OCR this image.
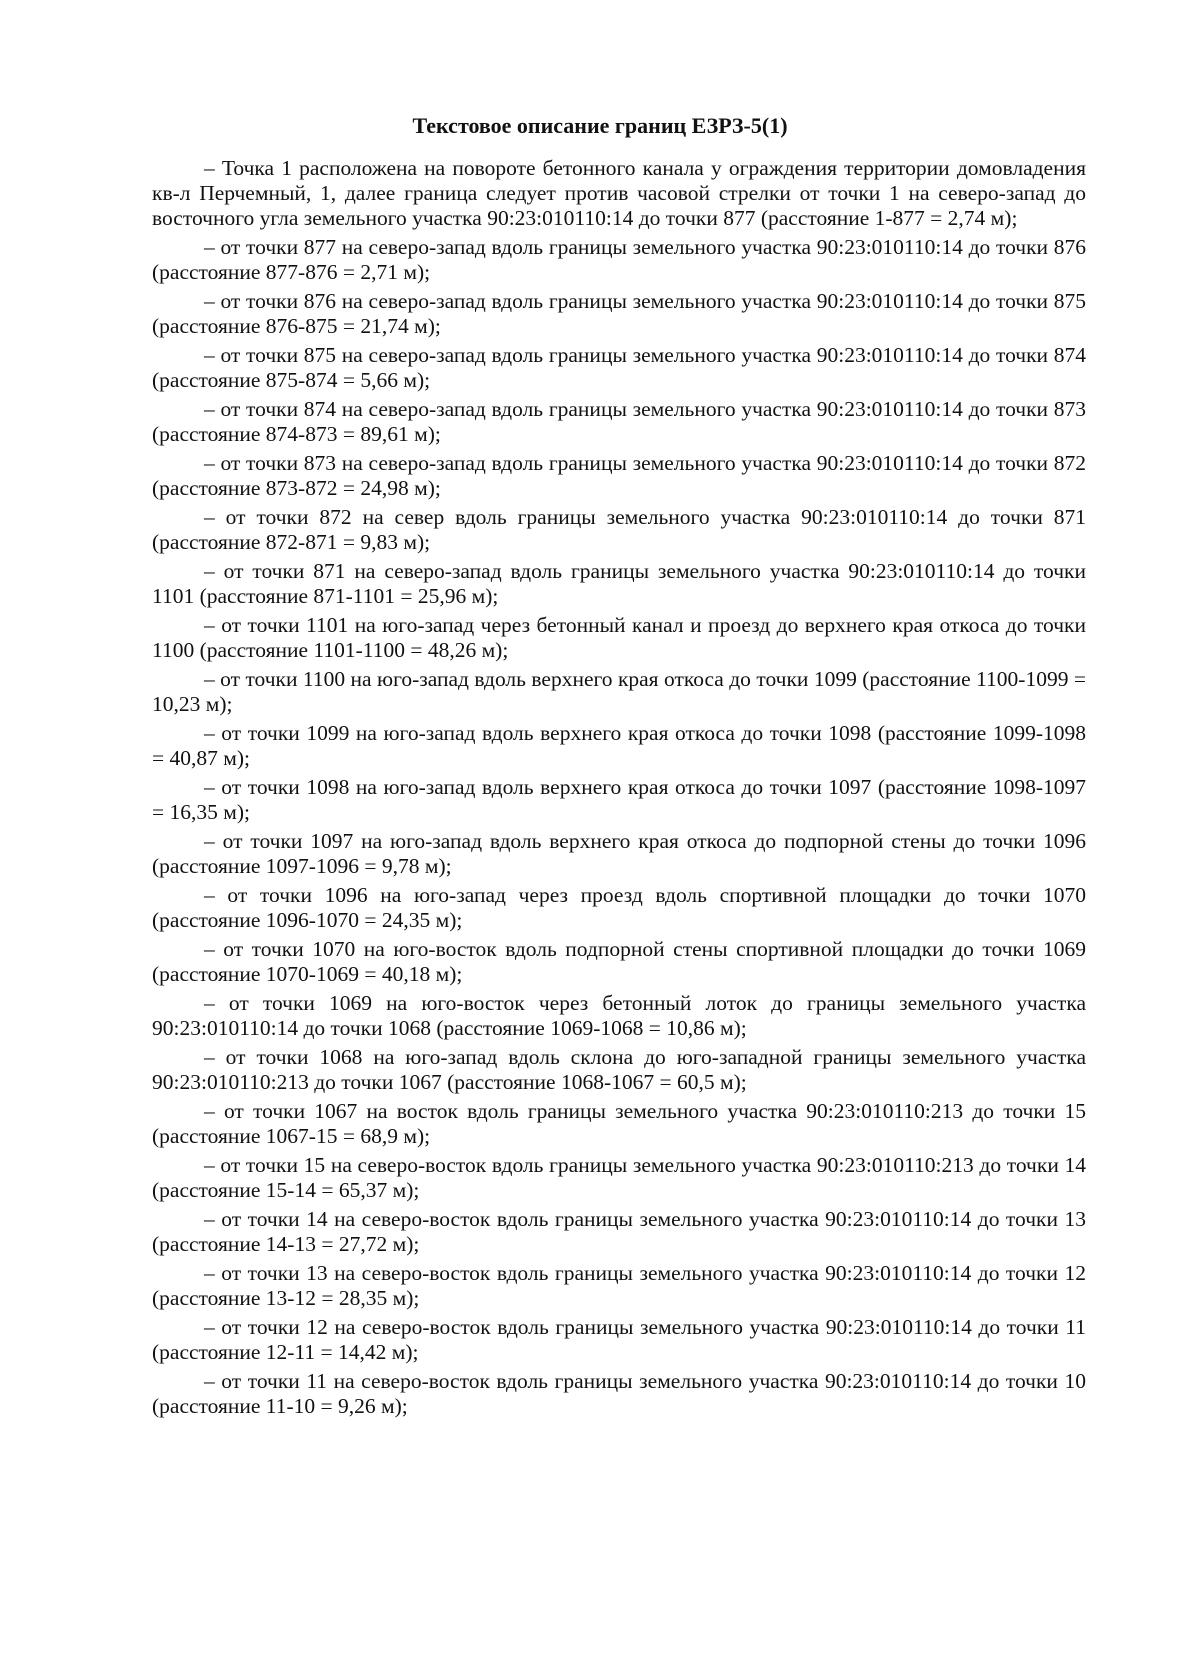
Текстовое описание границ ЕЗРЗ-5(1)

– Точка 1 расположена на повороте бетонного канала у ограждения территории домовладения кв-л Перчемный, 1, далее граница следует против часовой стрелки от точки 1 на северо-запад до восточного угла земельного участка 90:23:010110:14 до точки 877 (расстояние 1-877 = 2,74 м);

– от точки 877 на северо-запад вдоль границы земельного участка 90:23:010110:14 до точки 876 (расстояние 877-876 = 2,71 м);

– от точки 876 на северо-запад вдоль границы земельного участка 90:23:010110:14 до точки 875 (расстояние 876-875 = 21,74 м);

– от точки 875 на северо-запад вдоль границы земельного участка 90:23:010110:14 до точки 874 (расстояние 875-874 = 5,66 м);

– от точки 874 на северо-запад вдоль границы земельного участка 90:23:010110:14 до точки 873 (расстояние 874-873 = 89,61 м);

– от точки 873 на северо-запад вдоль границы земельного участка 90:23:010110:14 до точки 872 (расстояние 873-872 = 24,98 м);

– от точки 872 на север вдоль границы земельного участка 90:23:010110:14 до точки 871 (расстояние 872-871 = 9,83 м);

– от точки 871 на северо-запад вдоль границы земельного участка 90:23:010110:14 до точки 1101 (расстояние 871-1101 = 25,96 м);

– от точки 1101 на юго-запад через бетонный канал и проезд до верхнего края откоса до точки 1100 (расстояние 1101-1100 = 48,26 м);

– от точки 1100 на юго-запад вдоль верхнего края откоса до точки 1099 (расстояние 1100-1099 = 10,23 м);

– от точки 1099 на юго-запад вдоль верхнего края откоса до точки 1098 (расстояние 1099-1098 = 40,87 м);

– от точки 1098 на юго-запад вдоль верхнего края откоса до точки 1097 (расстояние 1098-1097 = 16,35 м);

– от точки 1097 на юго-запад вдоль верхнего края откоса до подпорной стены до точки 1096 (расстояние 1097-1096 = 9,78 м);

– от точки 1096 на юго-запад через проезд вдоль спортивной площадки до точки 1070 (расстояние 1096-1070 = 24,35 м);

– от точки 1070 на юго-восток вдоль подпорной стены спортивной площадки до точки 1069 (расстояние 1070-1069 = 40,18 м);

– от точки 1069 на юго-восток через бетонный лоток до границы земельного участка 90:23:010110:14 до точки 1068 (расстояние 1069-1068 = 10,86 м);

– от точки 1068 на юго-запад вдоль склона до юго-западной границы земельного участка 90:23:010110:213 до точки 1067 (расстояние 1068-1067 = 60,5 м);

– от точки 1067 на восток вдоль границы земельного участка 90:23:010110:213 до точки 15 (расстояние 1067-15 = 68,9 м);

– от точки 15 на северо-восток вдоль границы земельного участка 90:23:010110:213 до точки 14 (расстояние 15-14 = 65,37 м);

– от точки 14 на северо-восток вдоль границы земельного участка 90:23:010110:14 до точки 13 (расстояние 14-13 = 27,72 м);

– от точки 13 на северо-восток вдоль границы земельного участка 90:23:010110:14 до точки 12 (расстояние 13-12 = 28,35 м);

– от точки 12 на северо-восток вдоль границы земельного участка 90:23:010110:14 до точки 11 (расстояние 12-11 = 14,42 м);

– от точки 11 на северо-восток вдоль границы земельного участка 90:23:010110:14 до точки 10 (расстояние 11-10 = 9,26 м);
